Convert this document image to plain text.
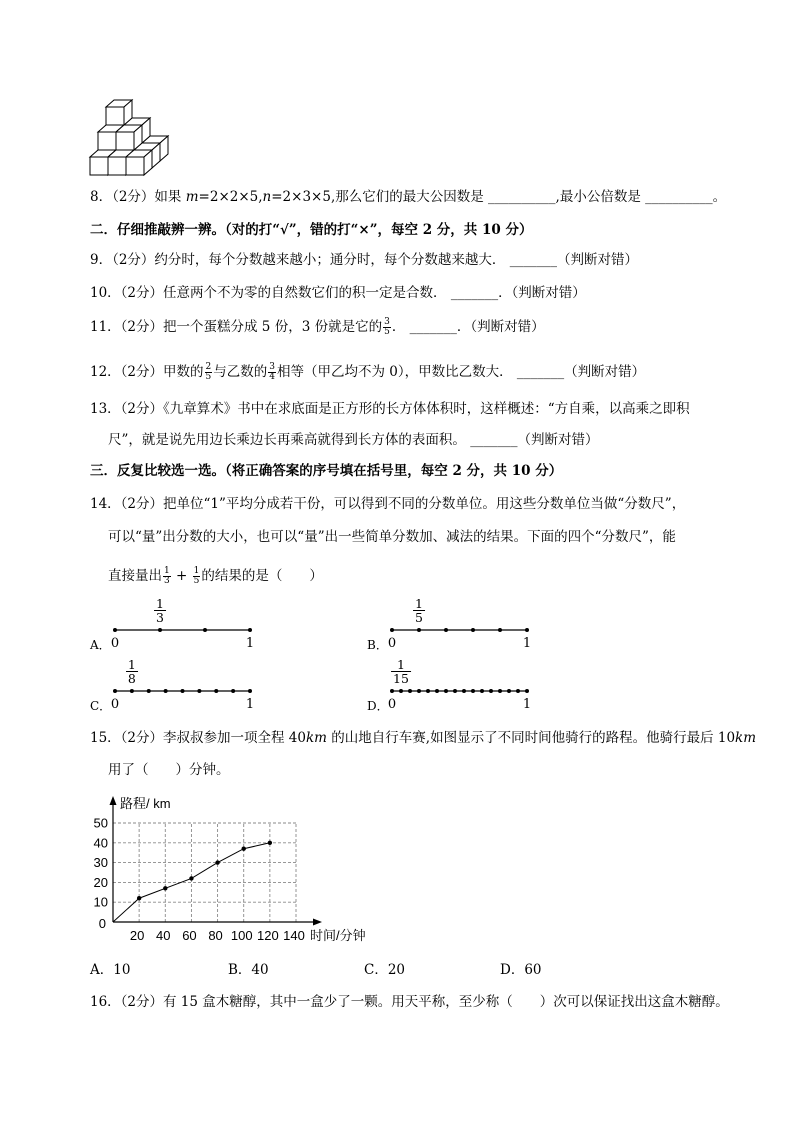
8．（2分）如果 m=2×2×5,n=2×3×5,那么它们的最大公因数是 __________,最小公倍数是 __________。
二．仔细推敲辨一辨。（对的打“√”，错的打“×”，每空 2 分，共 10 分）
9．（2分）约分时，每个分数越来越小；通分时，每个分数越来越大． _______（判断对错）
10．（2分）任意两个不为零的自然数它们的积一定是合数． _______．（判断对错）
11．（2分）把一个蛋糕分成 5 份，3 份就是它的 $\frac{3}{5}$ ． _______．（判断对错）
12．（2分）甲数的 $\frac{2}{5}$ 与乙数的 $\frac{3}{4}$ 相等（甲乙均不为 0），甲数比乙数大． _______（判断对错）
13．（2分）《九章算术》书中在求底面是正方形的长方体体积时，这样概述：“方自乘，以高乘之即积
尺”，就是说先用边长乘边长再乘高就得到长方体的表面积。 _______（判断对错）
三．反复比较选一选。（将正确答案的序号填在括号里，每空 2 分，共 10 分）
14．（2分）把单位“1”平均分成若干份，可以得到不同的分数单位。用这些分数单位当做“分数尺”，
可以“量”出分数的大小，也可以“量”出一些简单分数加、减法的结果。下面的四个“分数尺”，能
直接量出 $\frac{1}{3} + \frac{1}{5}$ 的结果的是（　　）
A．
$\frac{1}{3}$
0	1	B．
$\frac{1}{5}$
0	1
C．
$\frac{1}{8}$
0	1	D．
$\frac{1}{15}$
0	1
15．（2分）李叔叔参加一项全程 40km 的山地自行车赛,如图显示了不同时间他骑行的路程。他骑行最后 10km
用了（　　）分钟。
20 40 60 80 100 120 140
10
20
30
40
50
0
路程/ km
时间/分钟
A．10	B．40	C．20	D．60
16．（2分）有 15 盒木糖醇，其中一盒少了一颗。用天平称，至少称（　　）次可以保证找出这盒木糖醇。
